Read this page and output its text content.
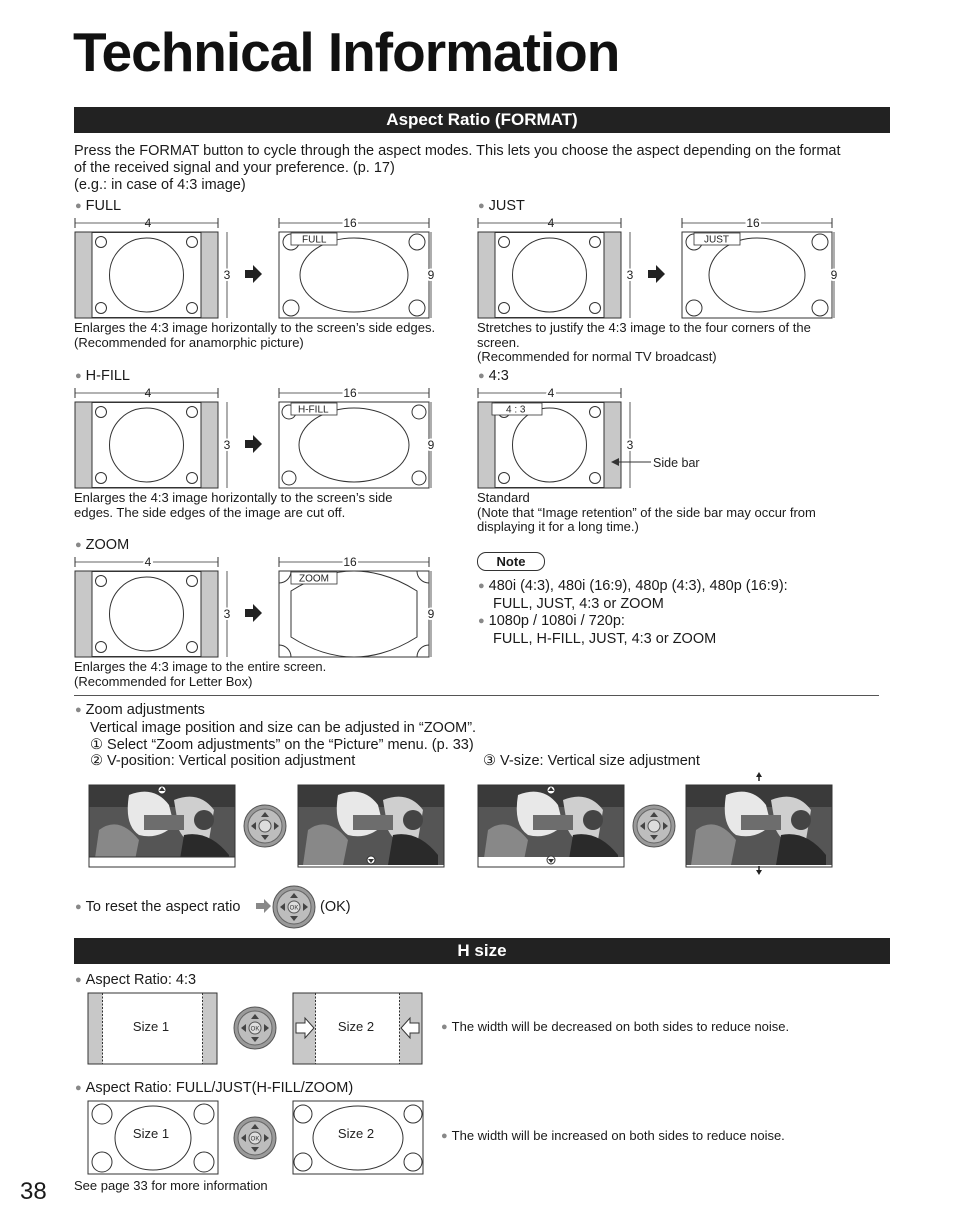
Technical Information
Aspect Ratio (FORMAT)
Press the FORMAT button to cycle through the aspect modes. This lets you choose the aspect depending on the format
of the received signal and your preference. (p. 17)
(e.g.: in case of 4:3 image)
● FULL
4
3
16
FULL
9
Enlarges the 4:3 image horizontally to the screen’s side edges.
(Recommended for anamorphic picture)
● JUST
4
3
16
JUST
9
Stretches to justify the 4:3 image to the four corners of the
screen.
(Recommended for normal TV broadcast)
● H-FILL
4
3
16
H-FILL
9
Enlarges the 4:3 image horizontally to the screen’s side
edges. The side edges of the image are cut off.
● 4:3
4
4 : 3
3
Side bar
Standard
(Note that “Image retention” of the side bar may occur from
displaying it for a long time.)
● ZOOM
4
3
16
ZOOM
9
Enlarges the 4:3 image to the entire screen.
(Recommended for Letter Box)
Note
● 480i (4:3), 480i (16:9), 480p (4:3), 480p (16:9):
FULL, JUST, 4:3 or ZOOM
● 1080p / 1080i / 720p:
FULL, H-FILL, JUST, 4:3 or ZOOM
● Zoom adjustments
Vertical image position and size can be adjusted in “ZOOM”.
① Select “Zoom adjustments” on the “Picture” menu. (p. 33)
② V-position: Vertical position adjustment	③ V-size: Vertical size adjustment
● To reset the aspect ratio	OK (OK)
H size
● Aspect Ratio: 4:3
Size 1	OK	Size 2	● The width will be decreased on both sides to reduce noise.
● Aspect Ratio: FULL/JUST(H-FILL/ZOOM)
Size 1	OK	Size 2	● The width will be increased on both sides to reduce noise.
38 See page 33 for more information
